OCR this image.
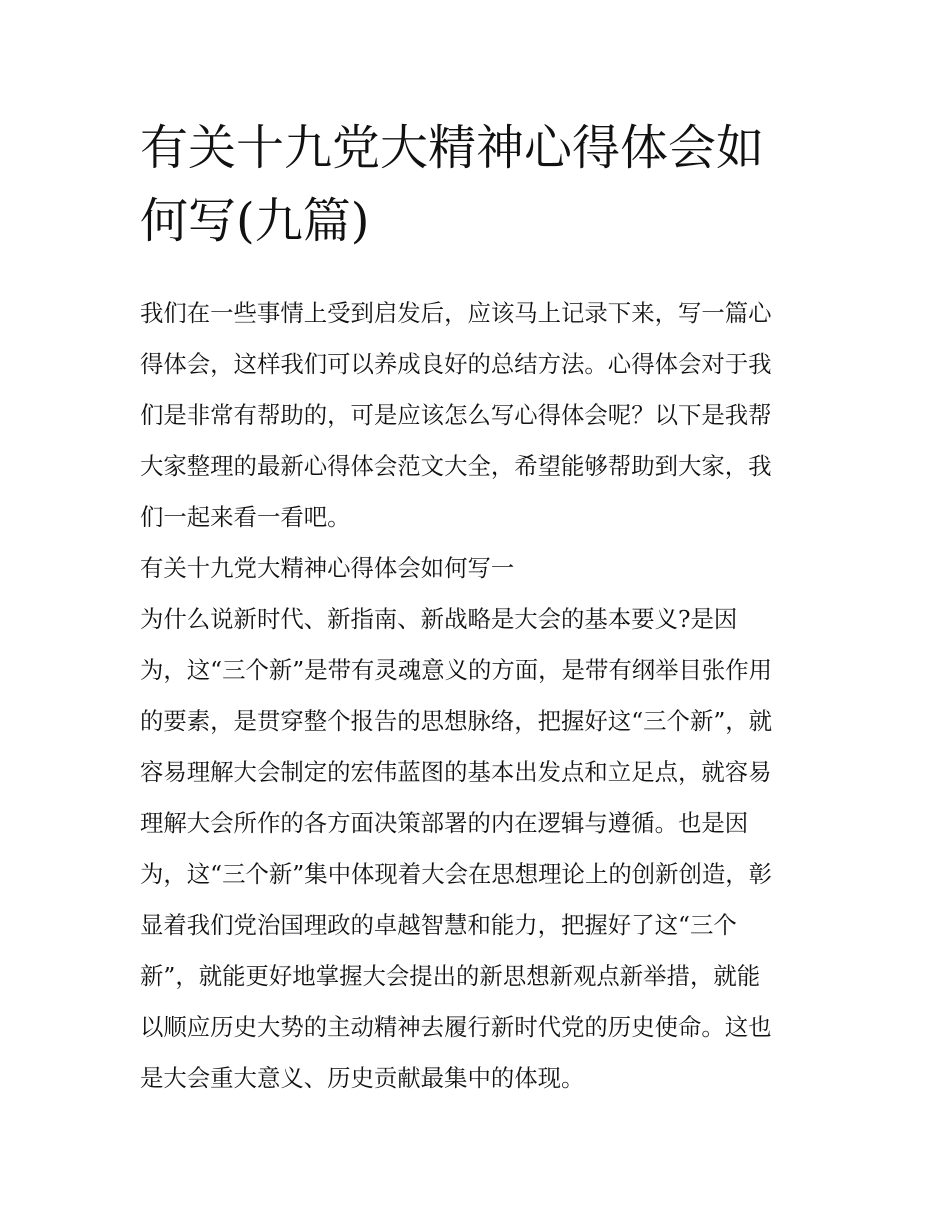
有关十九党大精神心得体会如
何写(九篇)

我们在一些事情上受到启发后，应该马上记录下来，写一篇心
得体会，这样我们可以养成良好的总结方法。心得体会对于我
们是非常有帮助的，可是应该怎么写心得体会呢？以下是我帮
大家整理的最新心得体会范文大全，希望能够帮助到大家，我
们一起来看一看吧。

有关十九党大精神心得体会如何写一

为什么说新时代、新指南、新战略是大会的基本要义?是因
为，这“三个新”是带有灵魂意义的方面，是带有纲举目张作用
的要素，是贯穿整个报告的思想脉络，把握好这“三个新”，就
容易理解大会制定的宏伟蓝图的基本出发点和立足点，就容易
理解大会所作的各方面决策部署的内在逻辑与遵循。也是因
为，这“三个新”集中体现着大会在思想理论上的创新创造，彰
显着我们党治国理政的卓越智慧和能力，把握好了这“三个
新”，就能更好地掌握大会提出的新思想新观点新举措，就能
以顺应历史大势的主动精神去履行新时代党的历史使命。这也
是大会重大意义、历史贡献最集中的体现。
